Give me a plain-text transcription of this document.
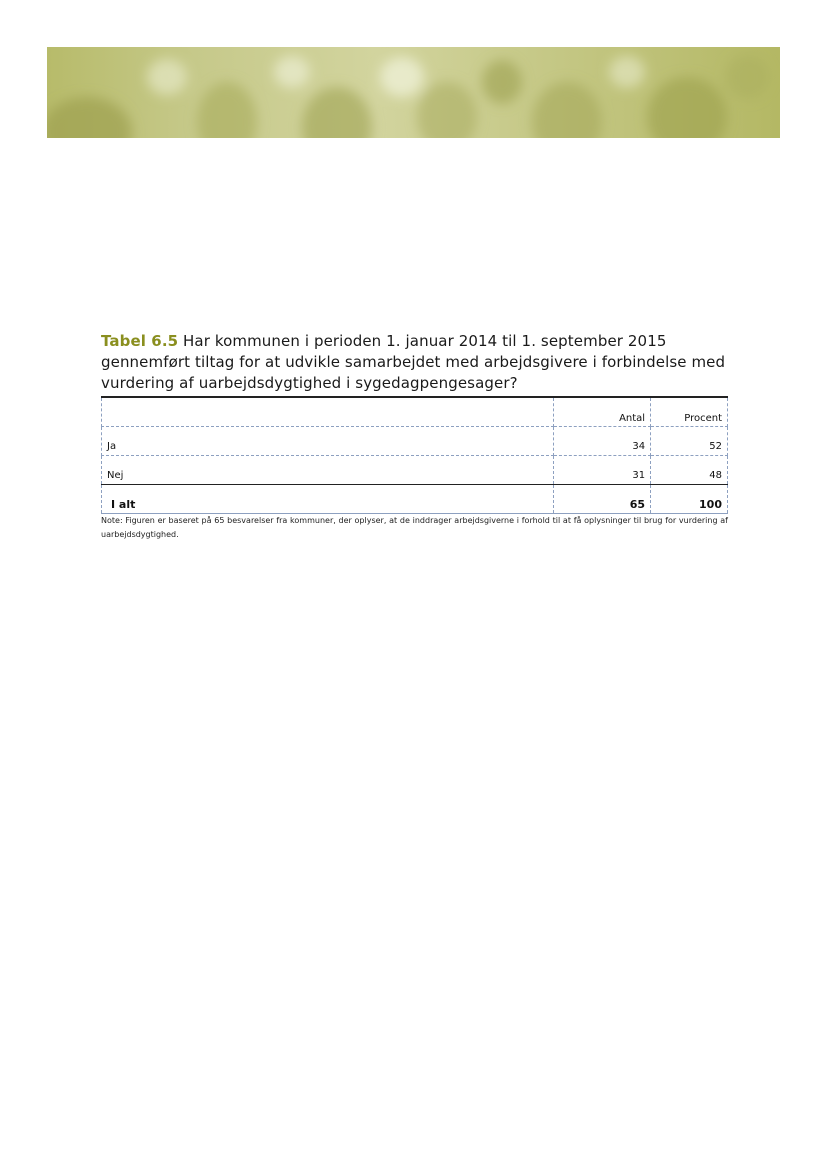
Tabel 6.5 Har kommunen i perioden 1. januar 2014 til 1. september 2015 gennemført tiltag for at udvikle samarbejdet med arbejdsgivere i forbindelse med vurdering af uarbejdsdygtighed i sygedagpengesager?
	Antal	Procent
Ja	34	52
Nej	31	48
I alt	65	100
Note: Figuren er baseret på 65 besvarelser fra kommuner, der oplyser, at de inddrager arbejdsgiverne i forhold til at få oplysninger til brug for vurdering af uarbejdsdygtighed.
